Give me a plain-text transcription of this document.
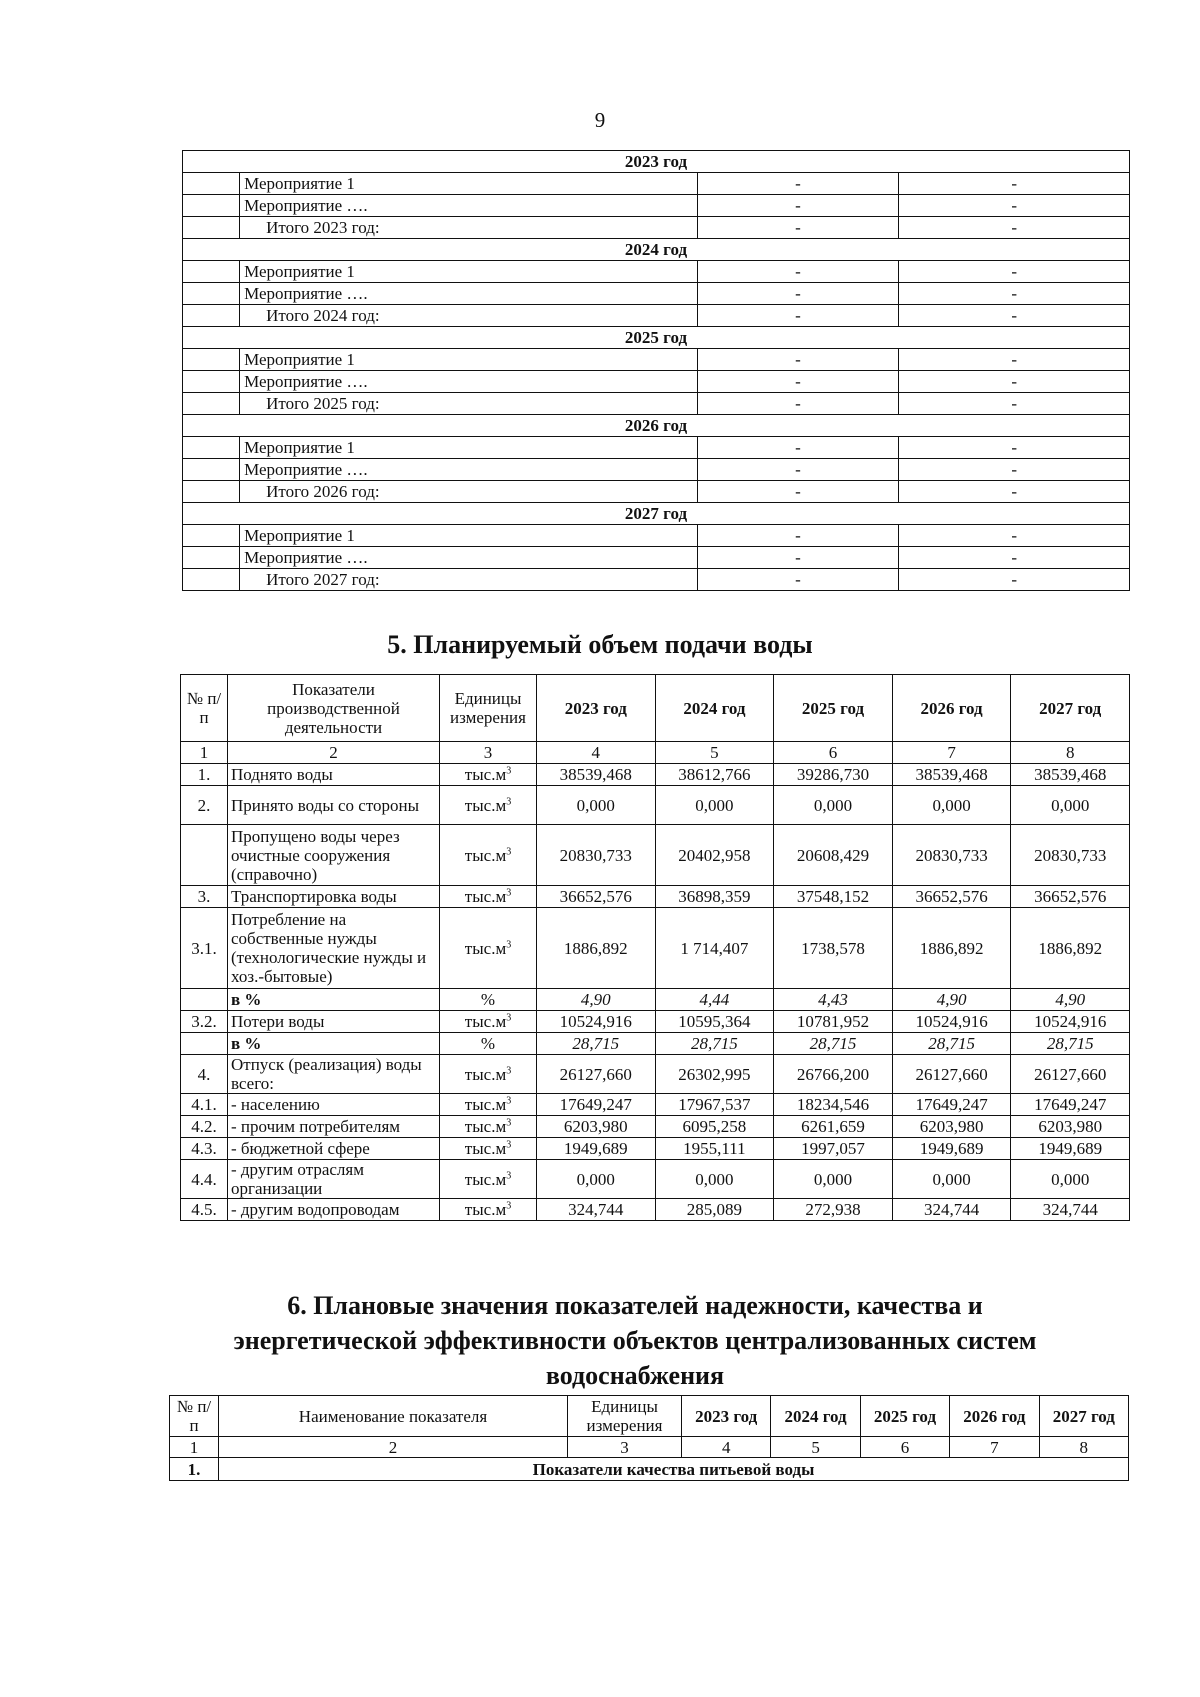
9
2023 год			
	Мероприятие 1	-	-
	Мероприятие ….	-	-
	Итого 2023 год:	-	-
2024 год			
	Мероприятие 1	-	-
	Мероприятие ….	-	-
	Итого 2024 год:	-	-
2025 год			
	Мероприятие 1	-	-
	Мероприятие ….	-	-
	Итого 2025 год:	-	-
2026 год			
	Мероприятие 1	-	-
	Мероприятие ….	-	-
	Итого 2026 год:	-	-
2027 год			
	Мероприятие 1	-	-
	Мероприятие ….	-	-
	Итого 2027 год:	-	-
5. Планируемый объем подачи воды
№ п/п	Показатели производственной деятельности	Единицы измерения	2023 год	2024 год	2025 год	2026 год	2027 год
1	2	3	4	5	6	7	8
1.	Поднято воды	$тыс.м^3$	38539,468	38612,766	39286,730	38539,468	38539,468
2.	Принято воды со стороны	$тыс.м^3$	0,000	0,000	0,000	0,000	0,000
	Пропущено воды через очистные сооружения (справочно)	$тыс.м^3$	20830,733	20402,958	20608,429	20830,733	20830,733
3.	Транспортировка воды	$тыс.м^3$	36652,576	36898,359	37548,152	36652,576	36652,576
3.1.	Потребление на собственные нужды (технологические нужды и хоз.-бытовые)	$тыс.м^3$	1886,892	1 714,407	1738,578	1886,892	1886,892
	в %	%	4,90	4,44	4,43	4,90	4,90
3.2.	Потери воды	$тыс.м^3$	10524,916	10595,364	10781,952	10524,916	10524,916
	в %	%	28,715	28,715	28,715	28,715	28,715
4.	Отпуск (реализация) воды всего:	$тыс.м^3$	26127,660	26302,995	26766,200	26127,660	26127,660
4.1.	- населению	$тыс.м^3$	17649,247	17967,537	18234,546	17649,247	17649,247
4.2.	- прочим потребителям	$тыс.м^3$	6203,980	6095,258	6261,659	6203,980	6203,980
4.3.	- бюджетной сфере	$тыс.м^3$	1949,689	1955,111	1997,057	1949,689	1949,689
4.4.	- другим отраслям организации	$тыс.м^3$	0,000	0,000	0,000	0,000	0,000
4.5.	- другим водопроводам	$тыс.м^3$	324,744	285,089	272,938	324,744	324,744
6. Плановые значения показателей надежности, качества и энергетической эффективности объектов централизованных систем водоснабжения
№ п/п	Наименование показателя	Единицы измерения	2023 год	2024 год	2025 год	2026 год	2027 год
1	2	3	4	5	6	7	8
1.	Показатели качества питьевой воды						
